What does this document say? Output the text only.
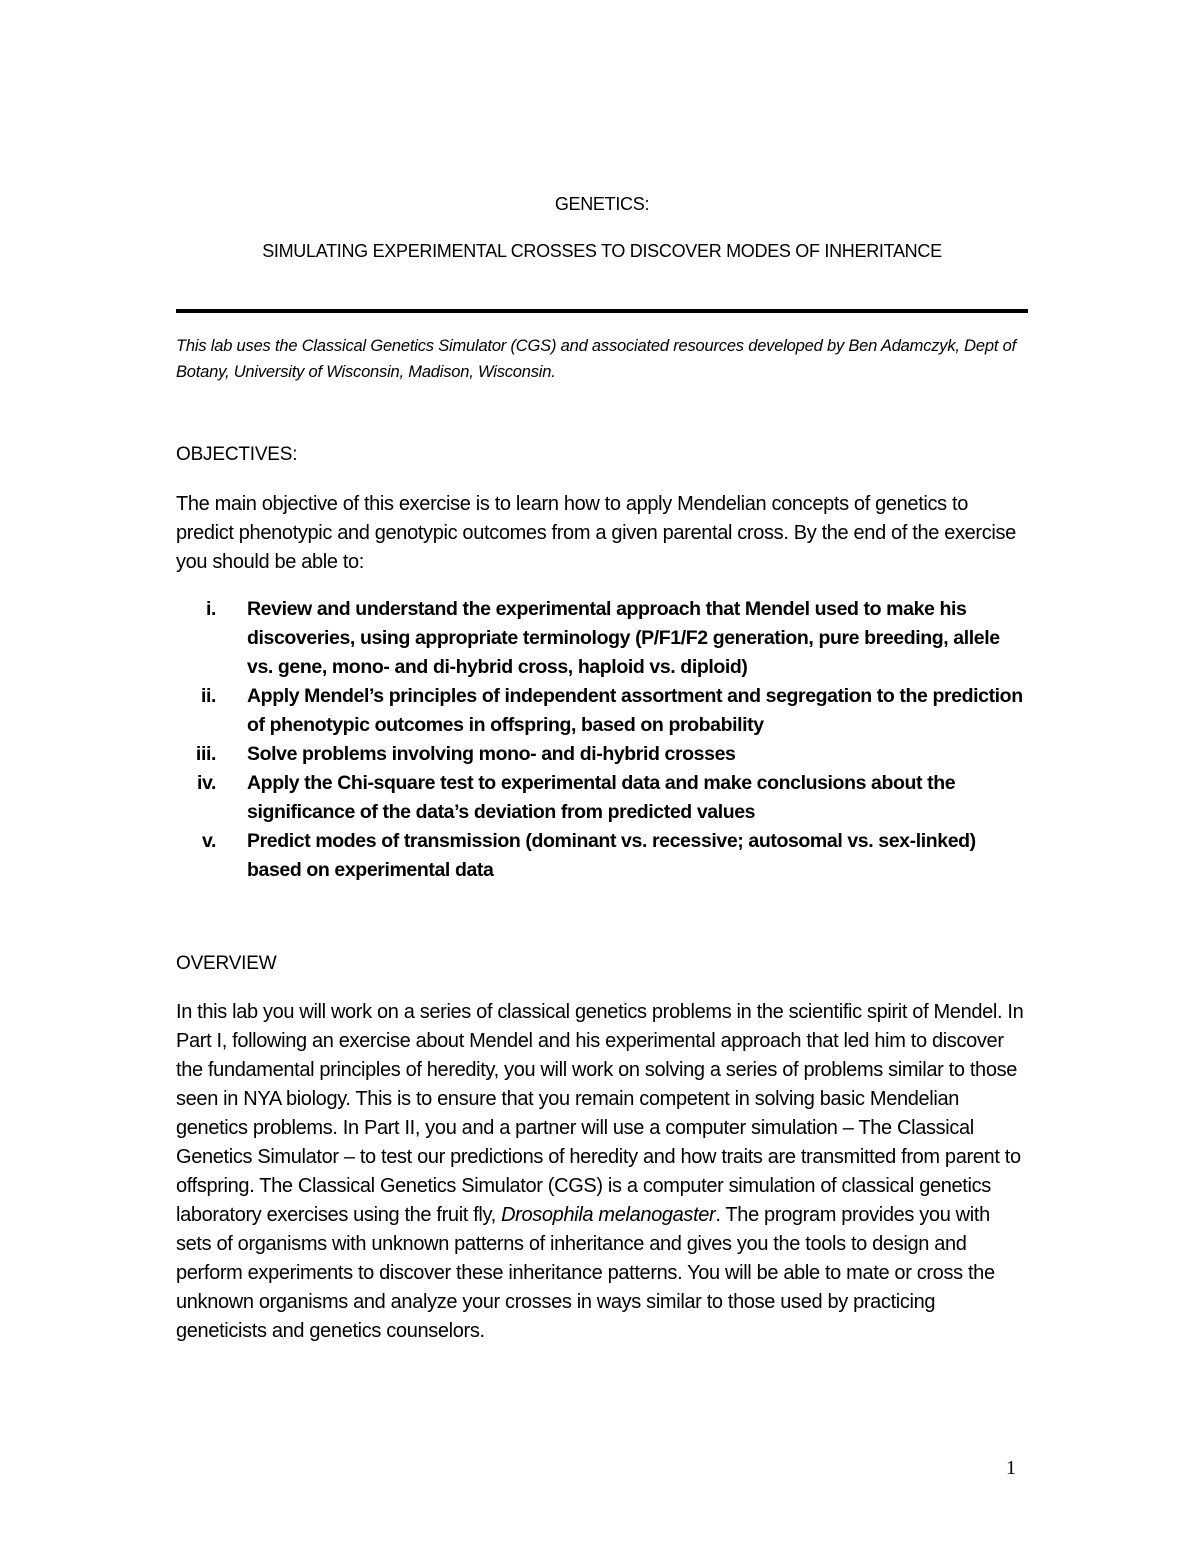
GENETICS:
SIMULATING EXPERIMENTAL CROSSES TO DISCOVER MODES OF INHERITANCE
This lab uses the Classical Genetics Simulator (CGS) and associated resources developed by Ben Adamczyk, Dept of Botany, University of Wisconsin, Madison, Wisconsin.
OBJECTIVES:
The main objective of this exercise is to learn how to apply Mendelian concepts of genetics to predict phenotypic and genotypic outcomes from a given parental cross. By the end of the exercise you should be able to:
i. Review and understand the experimental approach that Mendel used to make his discoveries, using appropriate terminology (P/F1/F2 generation, pure breeding, allele vs. gene, mono- and di-hybrid cross, haploid vs. diploid)
ii. Apply Mendel’s principles of independent assortment and segregation to the prediction of phenotypic outcomes in offspring, based on probability
iii. Solve problems involving mono- and di-hybrid crosses
iv. Apply the Chi-square test to experimental data and make conclusions about the significance of the data’s deviation from predicted values
v. Predict modes of transmission (dominant vs. recessive; autosomal vs. sex-linked) based on experimental data
OVERVIEW
In this lab you will work on a series of classical genetics problems in the scientific spirit of Mendel. In Part I, following an exercise about Mendel and his experimental approach that led him to discover the fundamental principles of heredity, you will work on solving a series of problems similar to those seen in NYA biology. This is to ensure that you remain competent in solving basic Mendelian genetics problems. In Part II, you and a partner will use a computer simulation – The Classical Genetics Simulator – to test our predictions of heredity and how traits are transmitted from parent to offspring. The Classical Genetics Simulator (CGS) is a computer simulation of classical genetics laboratory exercises using the fruit fly, Drosophila melanogaster. The program provides you with sets of organisms with unknown patterns of inheritance and gives you the tools to design and perform experiments to discover these inheritance patterns. You will be able to mate or cross the unknown organisms and analyze your crosses in ways similar to those used by practicing geneticists and genetics counselors.
1
